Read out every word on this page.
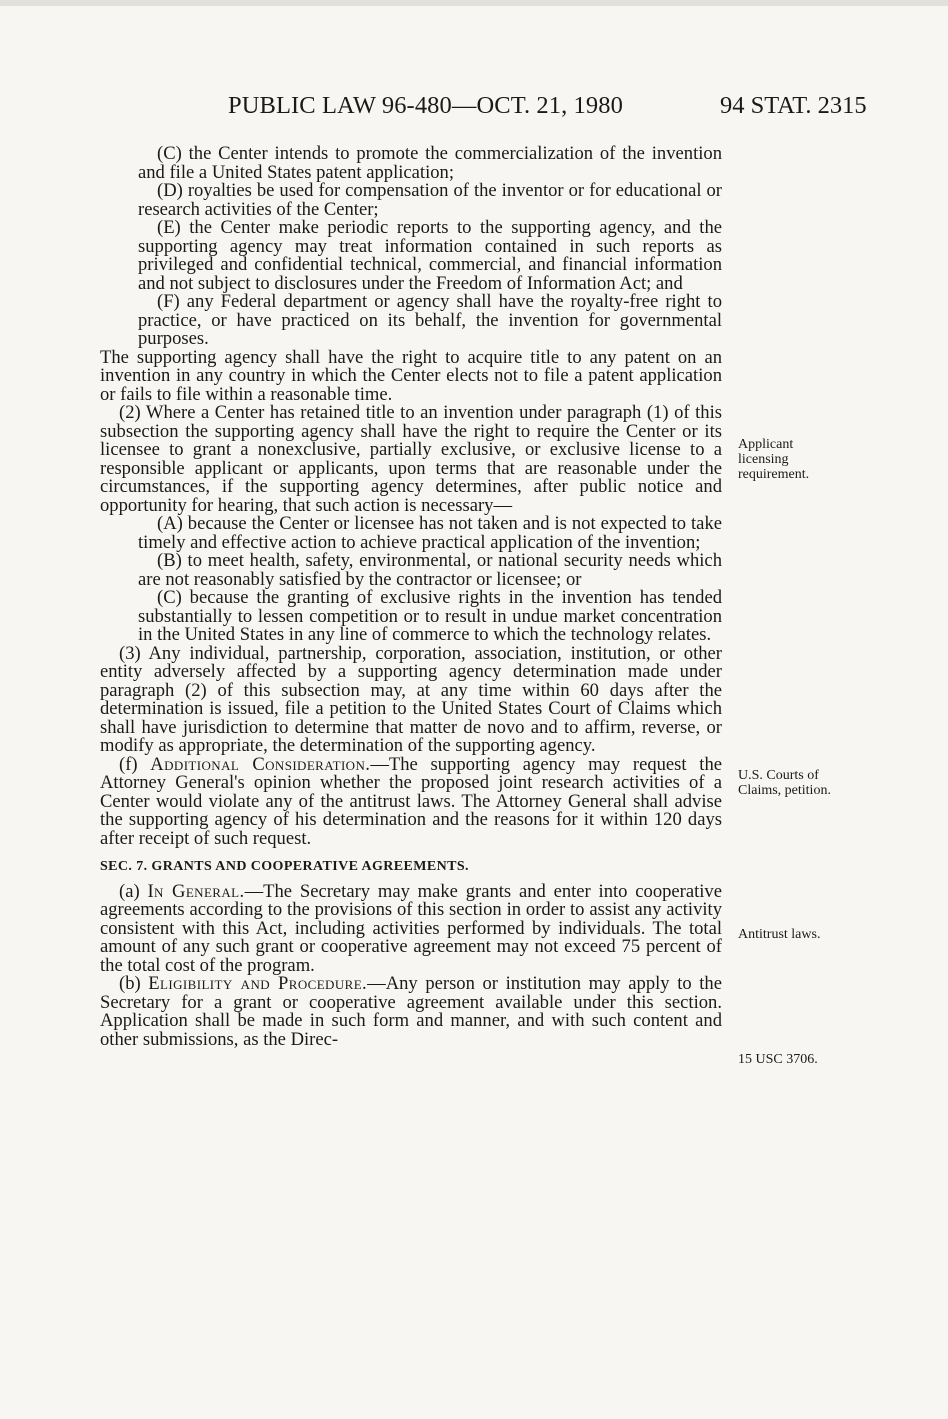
PUBLIC LAW 96-480—OCT. 21, 1980	94 STAT. 2315

(C) the Center intends to promote the commercialization of the invention and file a United States patent application;

(D) royalties be used for compensation of the inventor or for educational or research activities of the Center;

(E) the Center make periodic reports to the supporting agency, and the supporting agency may treat information contained in such reports as privileged and confidential technical, commercial, and financial information and not subject to disclosures under the Freedom of Information Act; and

(F) any Federal department or agency shall have the royalty-free right to practice, or have practiced on its behalf, the invention for governmental purposes.

The supporting agency shall have the right to acquire title to any patent on an invention in any country in which the Center elects not to file a patent application or fails to file within a reasonable time.

(2) Where a Center has retained title to an invention under paragraph (1) of this subsection the supporting agency shall have the right to require the Center or its licensee to grant a nonexclusive, partially exclusive, or exclusive license to a responsible applicant or applicants, upon terms that are reasonable under the circumstances, if the supporting agency determines, after public notice and opportunity for hearing, that such action is necessary—

(A) because the Center or licensee has not taken and is not expected to take timely and effective action to achieve practical application of the invention;

(B) to meet health, safety, environmental, or national security needs which are not reasonably satisfied by the contractor or licensee; or

(C) because the granting of exclusive rights in the invention has tended substantially to lessen competition or to result in undue market concentration in the United States in any line of commerce to which the technology relates.

(3) Any individual, partnership, corporation, association, institution, or other entity adversely affected by a supporting agency determination made under paragraph (2) of this subsection may, at any time within 60 days after the determination is issued, file a petition to the United States Court of Claims which shall have jurisdiction to determine that matter de novo and to affirm, reverse, or modify as appropriate, the determination of the supporting agency.

(f) Additional Consideration.—The supporting agency may request the Attorney General's opinion whether the proposed joint research activities of a Center would violate any of the antitrust laws. The Attorney General shall advise the supporting agency of his determination and the reasons for it within 120 days after receipt of such request.

SEC. 7. GRANTS AND COOPERATIVE AGREEMENTS.

(a) In General.—The Secretary may make grants and enter into cooperative agreements according to the provisions of this section in order to assist any activity consistent with this Act, including activities performed by individuals. The total amount of any such grant or cooperative agreement may not exceed 75 percent of the total cost of the program.

(b) Eligibility and Procedure.—Any person or institution may apply to the Secretary for a grant or cooperative agreement available under this section. Application shall be made in such form and manner, and with such content and other submissions, as the Direc-

Applicant licensing requirement.
U.S. Courts of Claims, petition.
Antitrust laws.
15 USC 3706.
